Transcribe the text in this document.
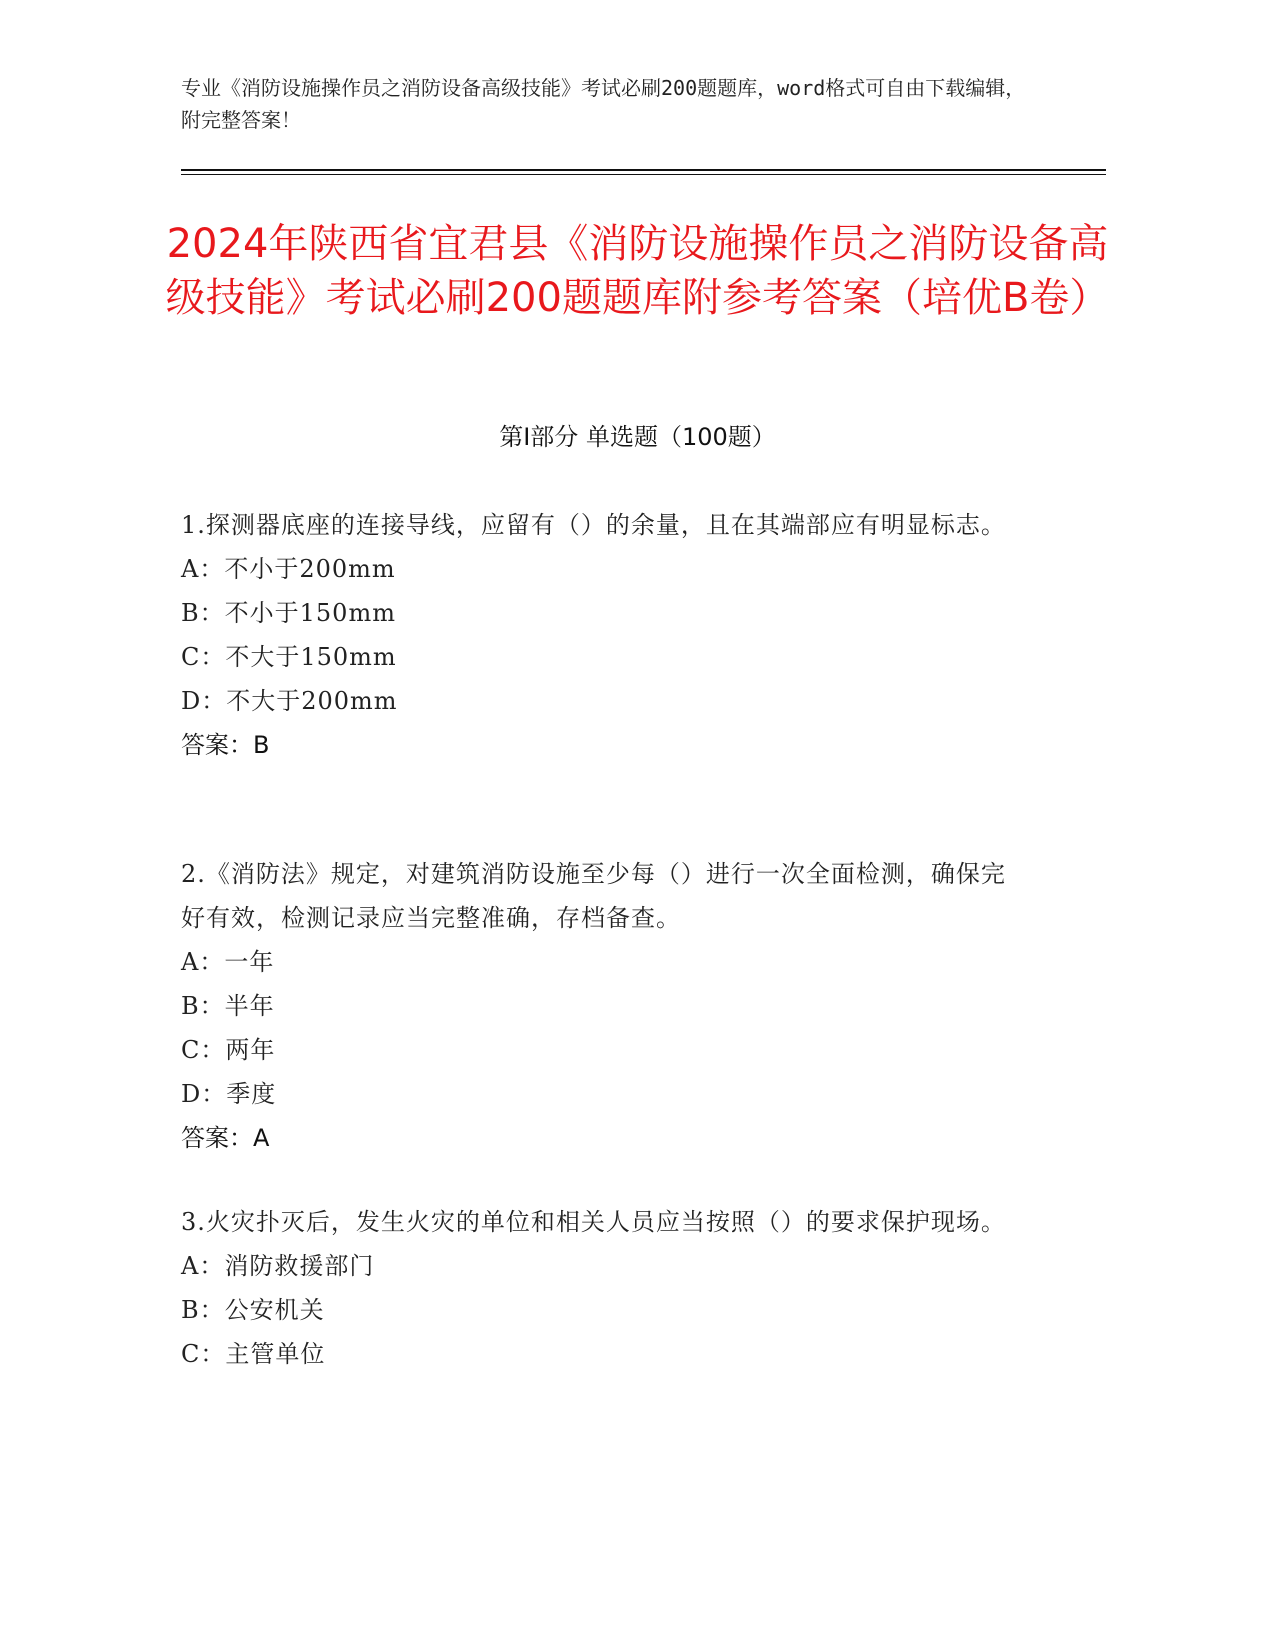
专业《消防设施操作员之消防设备高级技能》考试必刷200题题库，word格式可自由下载编辑，附完整答案！
2024年陕西省宜君县《消防设施操作员之消防设备高级技能》考试必刷200题题库附参考答案（培优B卷）
第I部分 单选题（100题）
1.探测器底座的连接导线，应留有（）的余量，且在其端部应有明显标志。
A：不小于200mm
B：不小于150mm
C：不大于150mm
D：不大于200mm
答案：B
2.《消防法》规定，对建筑消防设施至少每（）进行一次全面检测，确保完好有效，检测记录应当完整准确，存档备查。
A：一年
B：半年
C：两年
D：季度
答案：A
3.火灾扑灭后，发生火灾的单位和相关人员应当按照（）的要求保护现场。
A：消防救援部门
B：公安机关
C：主管单位
